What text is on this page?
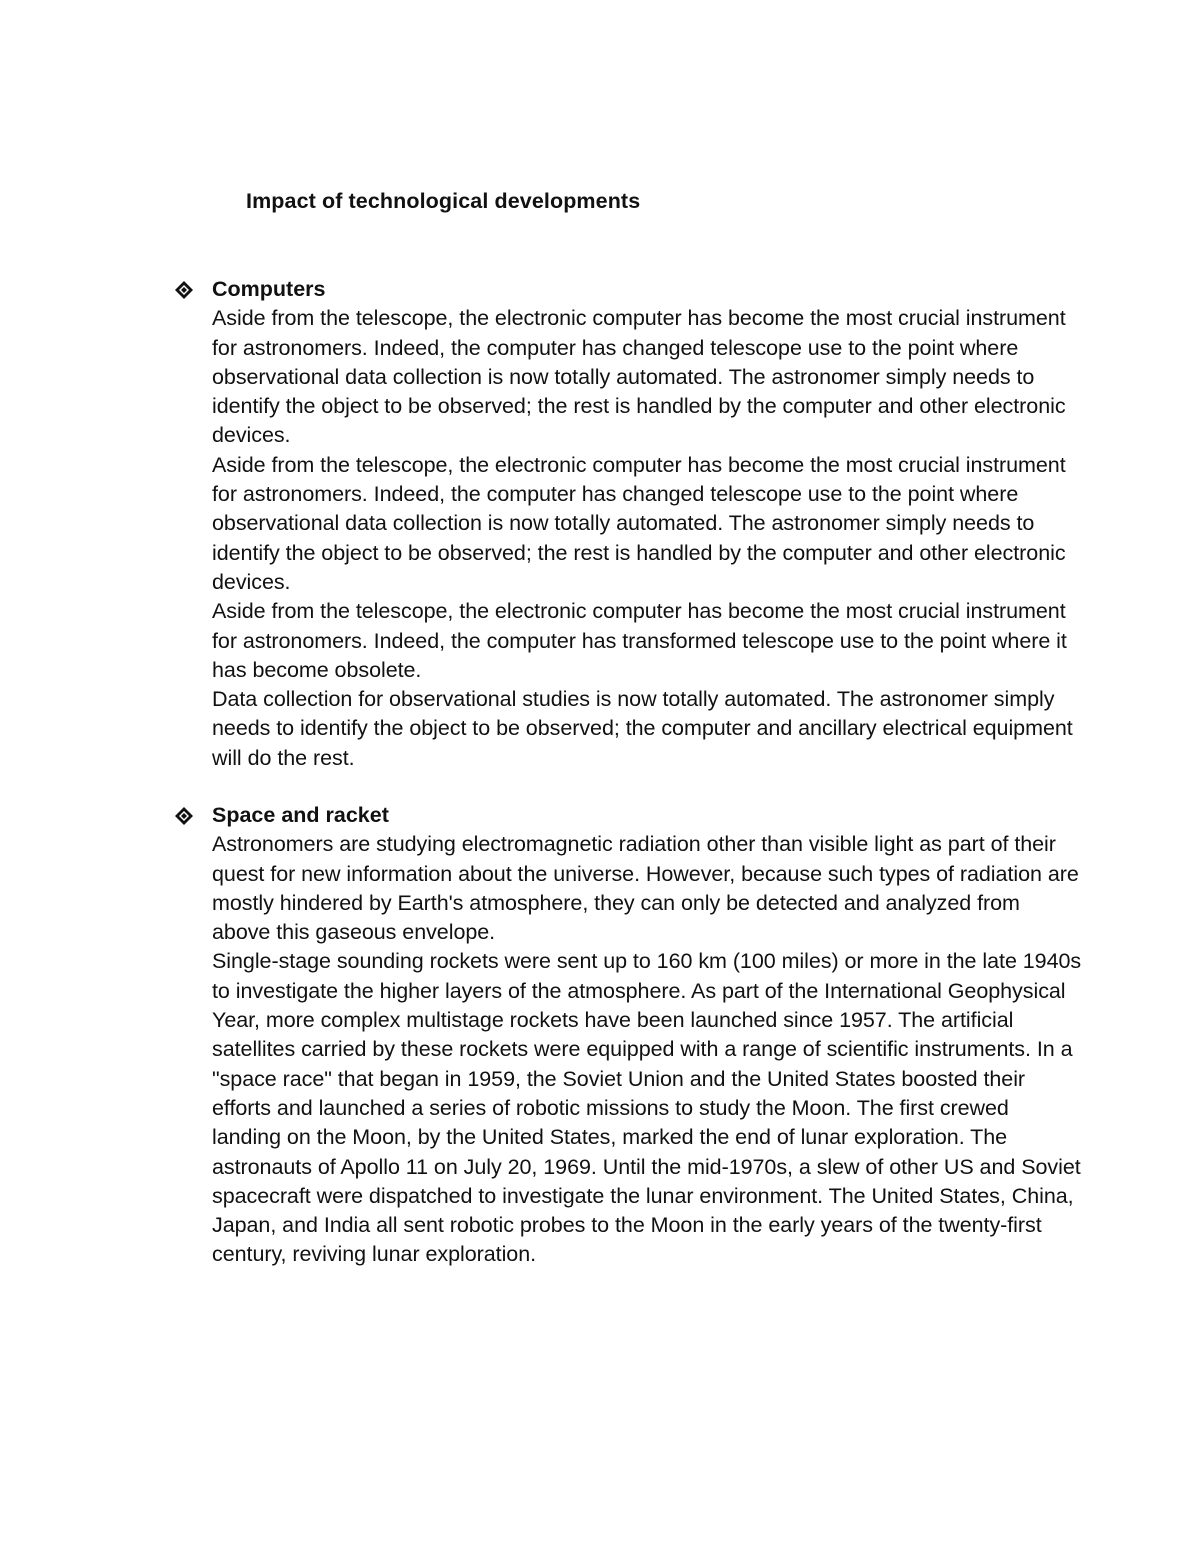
Impact of technological developments

Computers

Aside from the telescope, the electronic computer has become the most crucial instrument for astronomers. Indeed, the computer has changed telescope use to the point where observational data collection is now totally automated. The astronomer simply needs to identify the object to be observed; the rest is handled by the computer and other electronic devices.

Aside from the telescope, the electronic computer has become the most crucial instrument for astronomers. Indeed, the computer has changed telescope use to the point where observational data collection is now totally automated. The astronomer simply needs to identify the object to be observed; the rest is handled by the computer and other electronic devices.

Aside from the telescope, the electronic computer has become the most crucial instrument for astronomers. Indeed, the computer has transformed telescope use to the point where it has become obsolete.

Data collection for observational studies is now totally automated. The astronomer simply needs to identify the object to be observed; the computer and ancillary electrical equipment will do the rest.

Space and racket

Astronomers are studying electromagnetic radiation other than visible light as part of their quest for new information about the universe. However, because such types of radiation are mostly hindered by Earth's atmosphere, they can only be detected and analyzed from above this gaseous envelope.

Single-stage sounding rockets were sent up to 160 km (100 miles) or more in the late 1940s to investigate the higher layers of the atmosphere. As part of the International Geophysical Year, more complex multistage rockets have been launched since 1957. The artificial satellites carried by these rockets were equipped with a range of scientific instruments. In a "space race" that began in 1959, the Soviet Union and the United States boosted their efforts and launched a series of robotic missions to study the Moon. The first crewed landing on the Moon, by the United States, marked the end of lunar exploration. The astronauts of Apollo 11 on July 20, 1969. Until the mid-1970s, a slew of other US and Soviet spacecraft were dispatched to investigate the lunar environment. The United States, China, Japan, and India all sent robotic probes to the Moon in the early years of the twenty-first century, reviving lunar exploration.
